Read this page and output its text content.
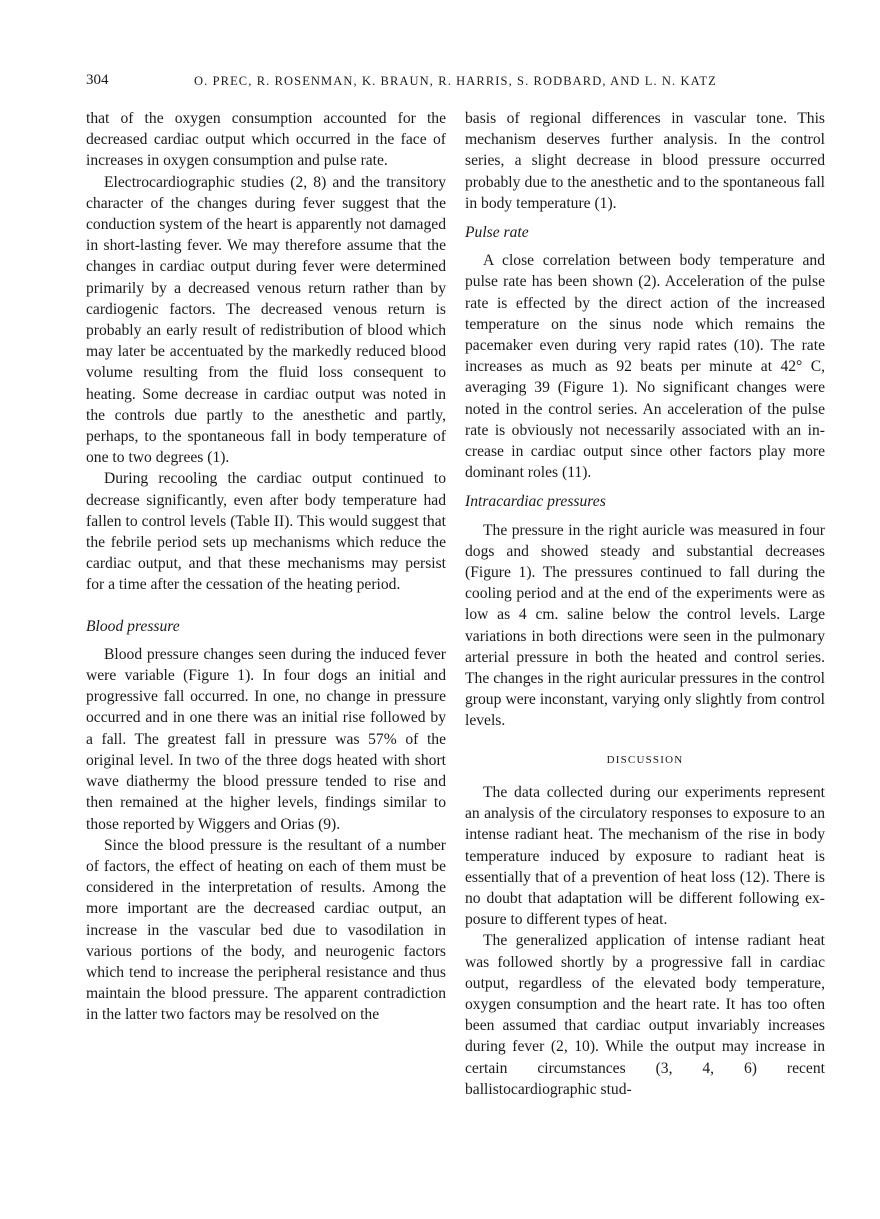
304	O. PREC, R. ROSENMAN, K. BRAUN, R. HARRIS, S. RODBARD, AND L. N. KATZ

that of the oxygen consumption accounted for the decreased cardiac output which occurred in the face of increases in oxygen consumption and pulse rate.

Electrocardiographic studies (2, 8) and the transitory character of the changes during fever suggest that the conduction system of the heart is apparently not damaged in short-lasting fever. We may therefore assume that the changes in cardiac output during fever were determined primarily by a decreased venous return rather than by cardiogenic factors. The decreased venous return is probably an early result of redistribution of blood which may later be accentuated by the markedly reduced blood volume resulting from the fluid loss consequent to heating. Some decrease in cardiac output was noted in the controls due partly to the anesthetic and partly, perhaps, to the spontaneous fall in body temperature of one to two degrees (1).

During recooling the cardiac output continued to decrease significantly, even after body temperature had fallen to control levels (Table II). This would suggest that the febrile period sets up mechanisms which reduce the cardiac output, and that these mechanisms may persist for a time after the cessation of the heating period.

Blood pressure

Blood pressure changes seen during the induced fever were variable (Figure 1). In four dogs an initial and progressive fall occurred. In one, no change in pressure occurred and in one there was an initial rise followed by a fall. The greatest fall in pressure was 57% of the original level. In two of the three dogs heated with short wave diathermy the blood pressure tended to rise and then remained at the higher levels, findings similar to those reported by Wiggers and Orias (9).

Since the blood pressure is the resultant of a number of factors, the effect of heating on each of them must be considered in the interpretation of results. Among the more important are the decreased cardiac output, an increase in the vascular bed due to vasodilation in various portions of the body, and neurogenic factors which tend to increase the peripheral resistance and thus maintain the blood pressure. The apparent contradiction in the latter two factors may be resolved on the

basis of regional differences in vascular tone. This mechanism deserves further analysis. In the control series, a slight decrease in blood pressure occurred probably due to the anesthetic and to the spontaneous fall in body temperature (1).

Pulse rate

A close correlation between body temperature and pulse rate has been shown (2). Acceleration of the pulse rate is effected by the direct action of the increased temperature on the sinus node which remains the pacemaker even during very rapid rates (10). The rate increases as much as 92 beats per minute at 42° C, averaging 39 (Figure 1). No significant changes were noted in the control series. An acceleration of the pulse rate is obviously not necessarily associated with an increase in cardiac output since other factors play more dominant roles (11).

Intracardiac pressures

The pressure in the right auricle was measured in four dogs and showed steady and substantial decreases (Figure 1). The pressures continued to fall during the cooling period and at the end of the experiments were as low as 4 cm. saline below the control levels. Large variations in both directions were seen in the pulmonary arterial pressure in both the heated and control series. The changes in the right auricular pressures in the control group were inconstant, varying only slightly from control levels.

DISCUSSION

The data collected during our experiments represent an analysis of the circulatory responses to exposure to an intense radiant heat. The mechanism of the rise in body temperature induced by exposure to radiant heat is essentially that of a prevention of heat loss (12). There is no doubt that adaptation will be different following exposure to different types of heat.

The generalized application of intense radiant heat was followed shortly by a progressive fall in cardiac output, regardless of the elevated body temperature, oxygen consumption and the heart rate. It has too often been assumed that cardiac output invariably increases during fever (2, 10). While the output may increase in certain circumstances (3, 4, 6) recent ballistocardiographic stud-
